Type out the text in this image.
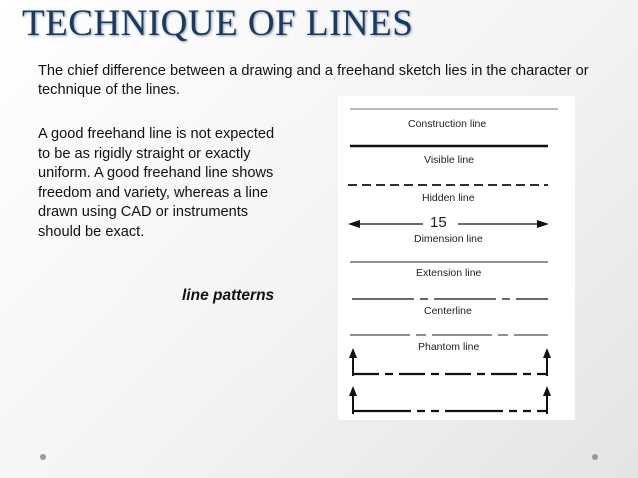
TECHNIQUE OF LINES
The chief difference between a drawing and a freehand sketch lies in the character or technique of the lines.
A good freehand line is not expected to be as rigidly straight or exactly uniform. A good freehand line shows freedom and variety, whereas a line drawn using CAD or instruments should be exact.
line patterns
Construction line
Visible line
Hidden line
15
Dimension line
Extension line
Centerline
Phantom line
